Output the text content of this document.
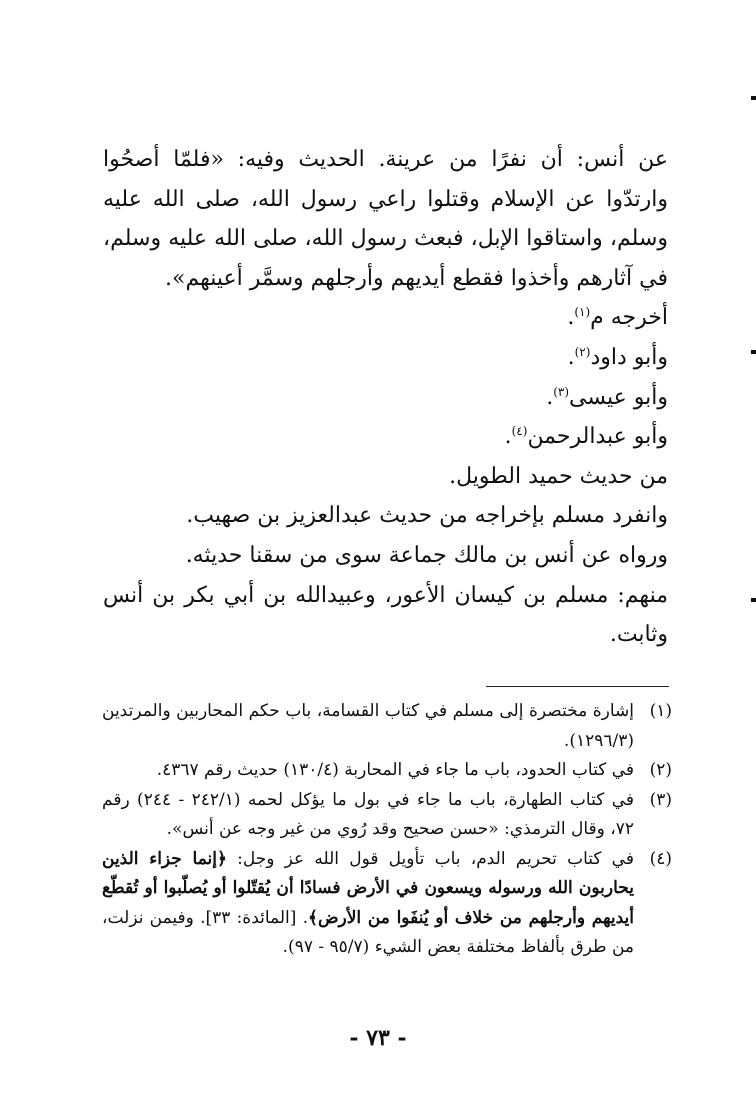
عن أنس: أن نفرًا من عرينة. الحديث وفيه: «فلمّا أصحُوا وارتدّوا عن الإسلام وقتلوا راعي رسول الله، صلى الله عليه وسلم، واستاقوا الإبل، فبعث رسول الله، صلى الله عليه وسلم، في آثارهم وأخذوا فقطع أيديهم وأرجلهم وسمَّر أعينهم».

أخرجه م$^{(١)}$.

وأبو داود$^{(٢)}$.

وأبو عيسى$^{(٣)}$.

وأبو عبدالرحمن$^{(٤)}$.

من حديث حميد الطويل.

وانفرد مسلم بإخراجه من حديث عبدالعزيز بن صهيب.

ورواه عن أنس بن مالك جماعة سوى من سقنا حديثه.

منهم: مسلم بن كيسان الأعور، وعبيدالله بن أبي بكر بن أنس وثابت.

(١)
إشارة مختصرة إلى مسلم في كتاب القسامة، باب حكم المحاربين والمرتدين (١٢٩٦/٣).
(٢)
في كتاب الحدود، باب ما جاء في المحاربة (١٣٠/٤) حديث رقم ٤٣٦٧.
(٣)
في كتاب الطهارة، باب ما جاء في بول ما يؤكل لحمه (٢٤٢/١ - ٢٤٤) رقم ٧٢، وقال الترمذي: «حسن صحيح وقد رُوي من غير وجه عن أنس».
(٤)
في كتاب تحريم الدم، باب تأويل قول الله عز وجل: ﴿إنما جزاء الذين يحاربون الله ورسوله ويسعون في الأرض فسادًا أن يُقتّلوا أو يُصلّبوا أو تُقطّع أيديهم وأرجلهم من خلاف أو يُنفَوا من الأرض﴾. [المائدة: ٣٣]. وفيمن نزلت، من طرق بألفاظ مختلفة بعض الشيء (٩٥/٧ - ٩٧).
- ٧٣ -
